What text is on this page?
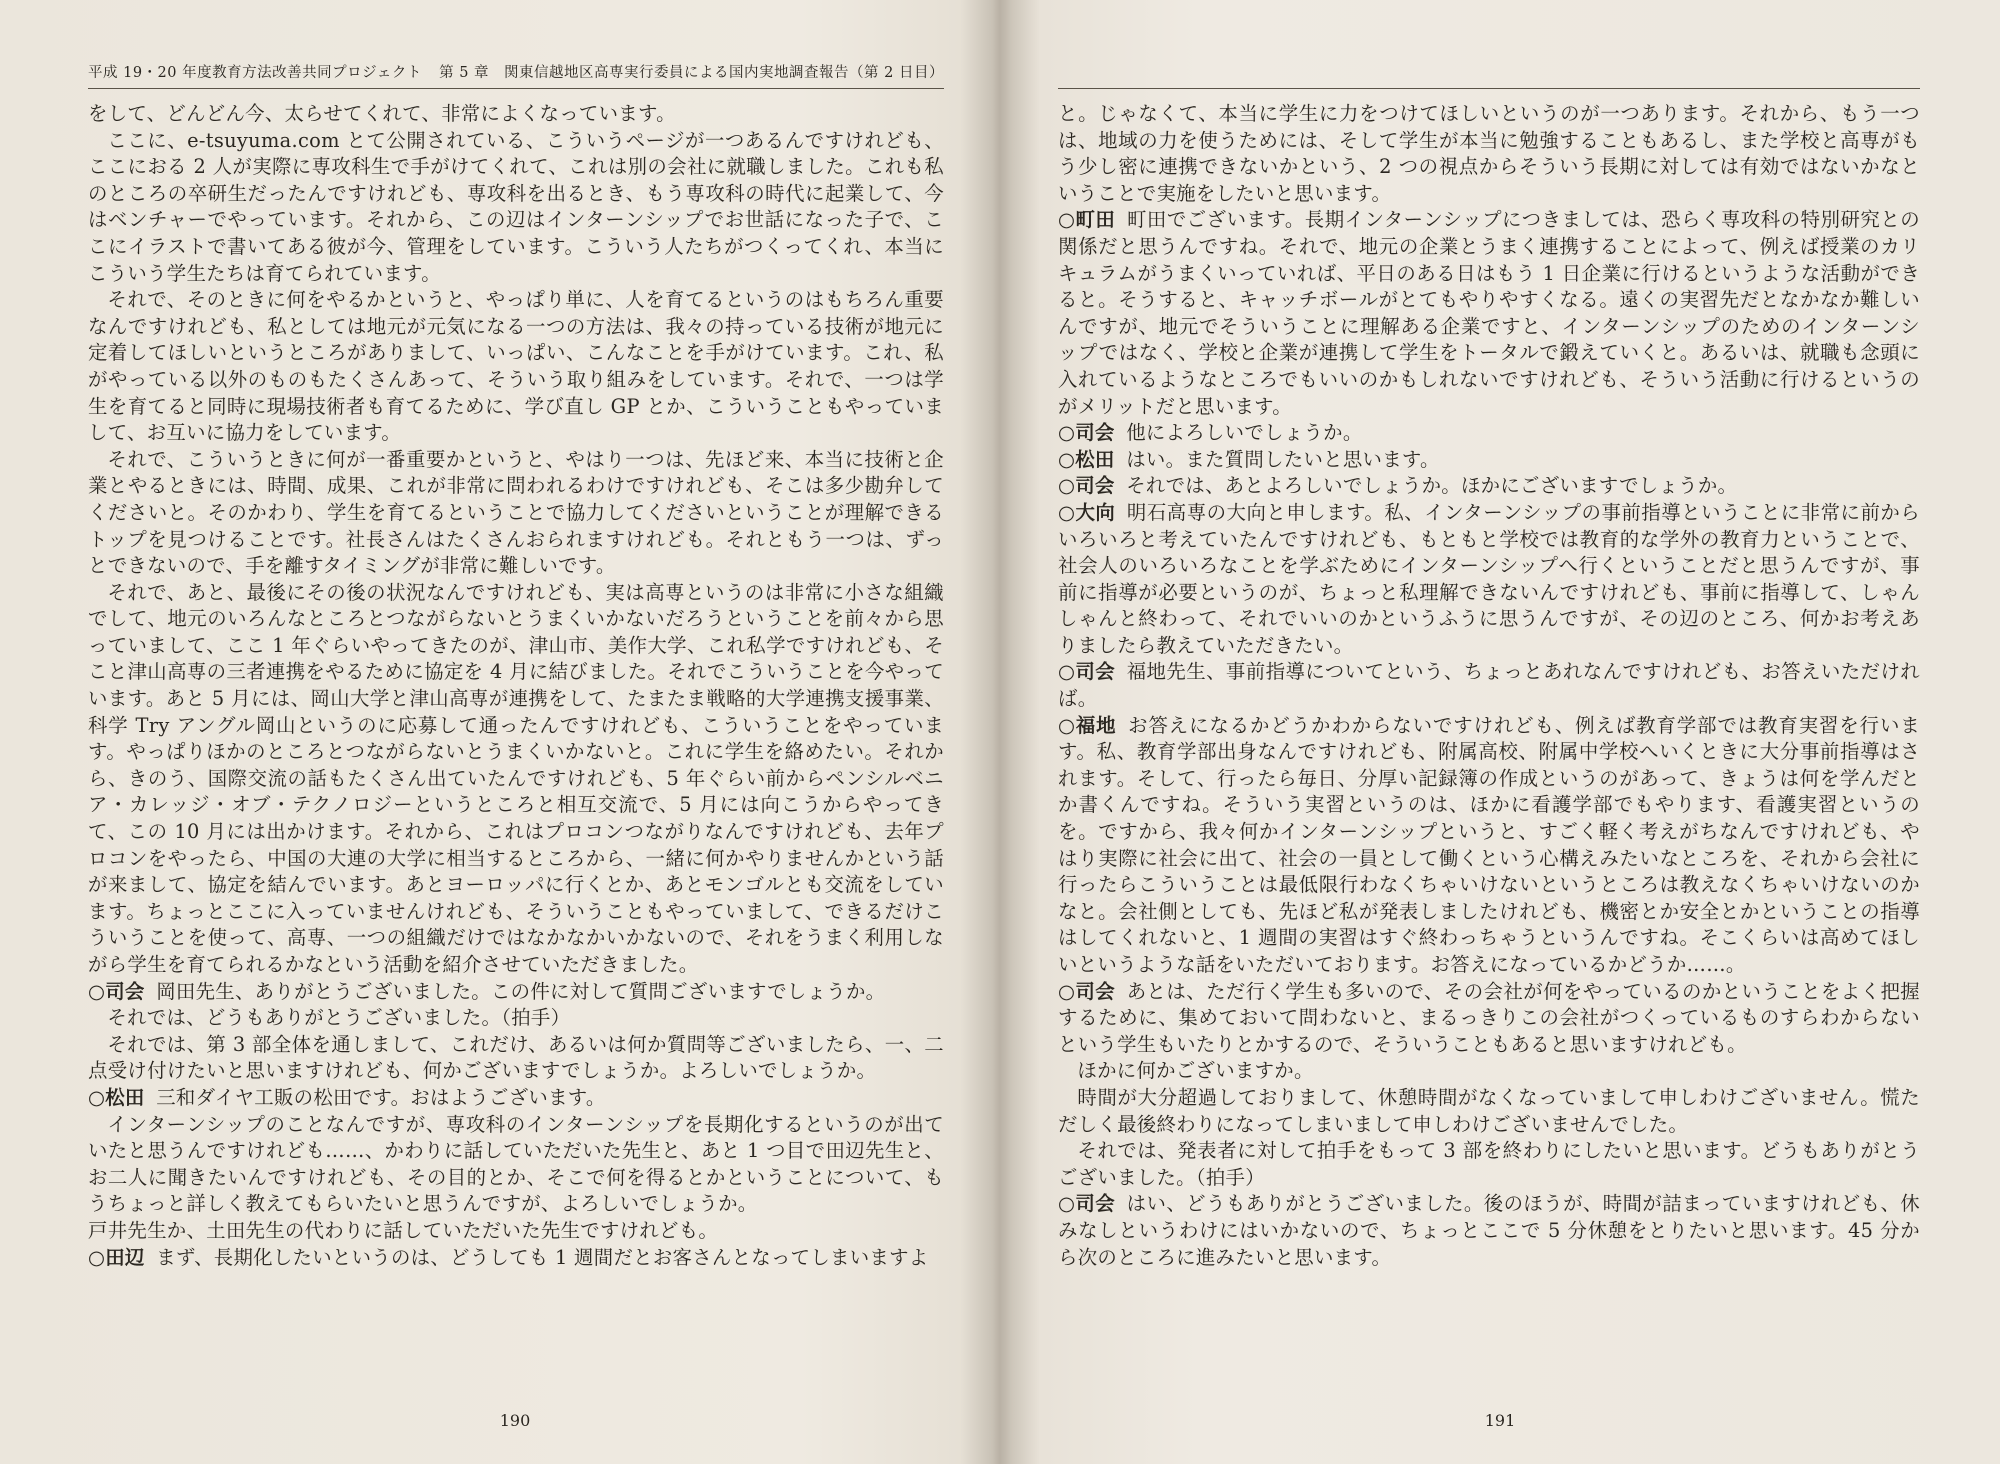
平成 19・20 年度教育方法改善共同プロジェクト 第 5 章　関東信越地区高専実行委員による国内実地調査報告（第 2 日目）

をして、どんどん今、太らせてくれて、非常によくなっています。

ここに、e-tsuyuma.com とて公開されている、こういうページが一つあるんですけれども、ここにおる 2 人が実際に専攻科生で手がけてくれて、これは別の会社に就職しました。これも私のところの卒研生だったんですけれども、専攻科を出るとき、もう専攻科の時代に起業して、今はベンチャーでやっています。それから、この辺はインターンシップでお世話になった子で、ここにイラストで書いてある彼が今、管理をしています。こういう人たちがつくってくれ、本当にこういう学生たちは育てられています。

それで、そのときに何をやるかというと、やっぱり単に、人を育てるというのはもちろん重要なんですけれども、私としては地元が元気になる一つの方法は、我々の持っている技術が地元に定着してほしいというところがありまして、いっぱい、こんなことを手がけています。これ、私がやっている以外のものもたくさんあって、そういう取り組みをしています。それで、一つは学生を育てると同時に現場技術者も育てるために、学び直し GP とか、こういうこともやっていまして、お互いに協力をしています。

それで、こういうときに何が一番重要かというと、やはり一つは、先ほど来、本当に技術と企業とやるときには、時間、成果、これが非常に問われるわけですけれども、そこは多少勘弁してくださいと。そのかわり、学生を育てるということで協力してくださいということが理解できるトップを見つけることです。社長さんはたくさんおられますけれども。それともう一つは、ずっとできないので、手を離すタイミングが非常に難しいです。

それで、あと、最後にその後の状況なんですけれども、実は高専というのは非常に小さな組織でして、地元のいろんなところとつながらないとうまくいかないだろうということを前々から思っていまして、ここ 1 年ぐらいやってきたのが、津山市、美作大学、これ私学ですけれども、そこと津山高専の三者連携をやるために協定を 4 月に結びました。それでこういうことを今やっています。あと 5 月には、岡山大学と津山高専が連携をして、たまたま戦略的大学連携支援事業、科学 Try アングル岡山というのに応募して通ったんですけれども、こういうことをやっています。やっぱりほかのところとつながらないとうまくいかないと。これに学生を絡めたい。それから、きのう、国際交流の話もたくさん出ていたんですけれども、5 年ぐらい前からペンシルベニア・カレッジ・オブ・テクノロジーというところと相互交流で、5 月には向こうからやってきて、この 10 月には出かけます。それから、これはプロコンつながりなんですけれども、去年プロコンをやったら、中国の大連の大学に相当するところから、一緒に何かやりませんかという話が来まして、協定を結んでいます。あとヨーロッパに行くとか、あとモンゴルとも交流をしています。ちょっとここに入っていませんけれども、そういうこともやっていまして、できるだけこういうことを使って、高専、一つの組織だけではなかなかいかないので、それをうまく利用しながら学生を育てられるかなという活動を紹介させていただきました。

○司会 岡田先生、ありがとうございました。この件に対して質問ございますでしょうか。

それでは、どうもありがとうございました。（拍手）

それでは、第 3 部全体を通しまして、これだけ、あるいは何か質問等ございましたら、一、二点受け付けたいと思いますけれども、何かございますでしょうか。よろしいでしょうか。

○松田 三和ダイヤ工販の松田です。おはようございます。

インターンシップのことなんですが、専攻科のインターンシップを長期化するというのが出ていたと思うんですけれども……、かわりに話していただいた先生と、あと 1 つ目で田辺先生と、お二人に聞きたいんですけれども、その目的とか、そこで何を得るとかということについて、もうちょっと詳しく教えてもらいたいと思うんですが、よろしいでしょうか。

戸井先生か、土田先生の代わりに話していただいた先生ですけれども。

○田辺 まず、長期化したいというのは、どうしても 1 週間だとお客さんとなってしまいますよ

190

と。じゃなくて、本当に学生に力をつけてほしいというのが一つあります。それから、もう一つは、地域の力を使うためには、そして学生が本当に勉強することもあるし、また学校と高専がもう少し密に連携できないかという、2 つの視点からそういう長期に対しては有効ではないかなということで実施をしたいと思います。

○町田 町田でございます。長期インターンシップにつきましては、恐らく専攻科の特別研究との関係だと思うんですね。それで、地元の企業とうまく連携することによって、例えば授業のカリキュラムがうまくいっていれば、平日のある日はもう 1 日企業に行けるというような活動ができると。そうすると、キャッチボールがとてもやりやすくなる。遠くの実習先だとなかなか難しいんですが、地元でそういうことに理解ある企業ですと、インターンシップのためのインターンシップではなく、学校と企業が連携して学生をトータルで鍛えていくと。あるいは、就職も念頭に入れているようなところでもいいのかもしれないですけれども、そういう活動に行けるというのがメリットだと思います。

○司会 他によろしいでしょうか。

○松田 はい。また質問したいと思います。

○司会 それでは、あとよろしいでしょうか。ほかにございますでしょうか。

○大向 明石高専の大向と申します。私、インターンシップの事前指導ということに非常に前からいろいろと考えていたんですけれども、もともと学校では教育的な学外の教育力ということで、社会人のいろいろなことを学ぶためにインターンシップへ行くということだと思うんですが、事前に指導が必要というのが、ちょっと私理解できないんですけれども、事前に指導して、しゃんしゃんと終わって、それでいいのかというふうに思うんですが、その辺のところ、何かお考えありましたら教えていただきたい。

○司会 福地先生、事前指導についてという、ちょっとあれなんですけれども、お答えいただければ。

○福地 お答えになるかどうかわからないですけれども、例えば教育学部では教育実習を行います。私、教育学部出身なんですけれども、附属高校、附属中学校へいくときに大分事前指導はされます。そして、行ったら毎日、分厚い記録簿の作成というのがあって、きょうは何を学んだとか書くんですね。そういう実習というのは、ほかに看護学部でもやります、看護実習というのを。ですから、我々何かインターンシップというと、すごく軽く考えがちなんですけれども、やはり実際に社会に出て、社会の一員として働くという心構えみたいなところを、それから会社に行ったらこういうことは最低限行わなくちゃいけないというところは教えなくちゃいけないのかなと。会社側としても、先ほど私が発表しましたけれども、機密とか安全とかということの指導はしてくれないと、1 週間の実習はすぐ終わっちゃうというんですね。そこくらいは高めてほしいというような話をいただいております。お答えになっているかどうか……。

○司会 あとは、ただ行く学生も多いので、その会社が何をやっているのかということをよく把握するために、集めておいて問わないと、まるっきりこの会社がつくっているものすらわからないという学生もいたりとかするので、そういうこともあると思いますけれども。

ほかに何かございますか。

時間が大分超過しておりまして、休憩時間がなくなっていまして申しわけございません。慌ただしく最後終わりになってしまいまして申しわけございませんでした。

それでは、発表者に対して拍手をもって 3 部を終わりにしたいと思います。どうもありがとうございました。（拍手）

○司会 はい、どうもありがとうございました。後のほうが、時間が詰まっていますけれども、休みなしというわけにはいかないので、ちょっとここで 5 分休憩をとりたいと思います。45 分から次のところに進みたいと思います。

191
